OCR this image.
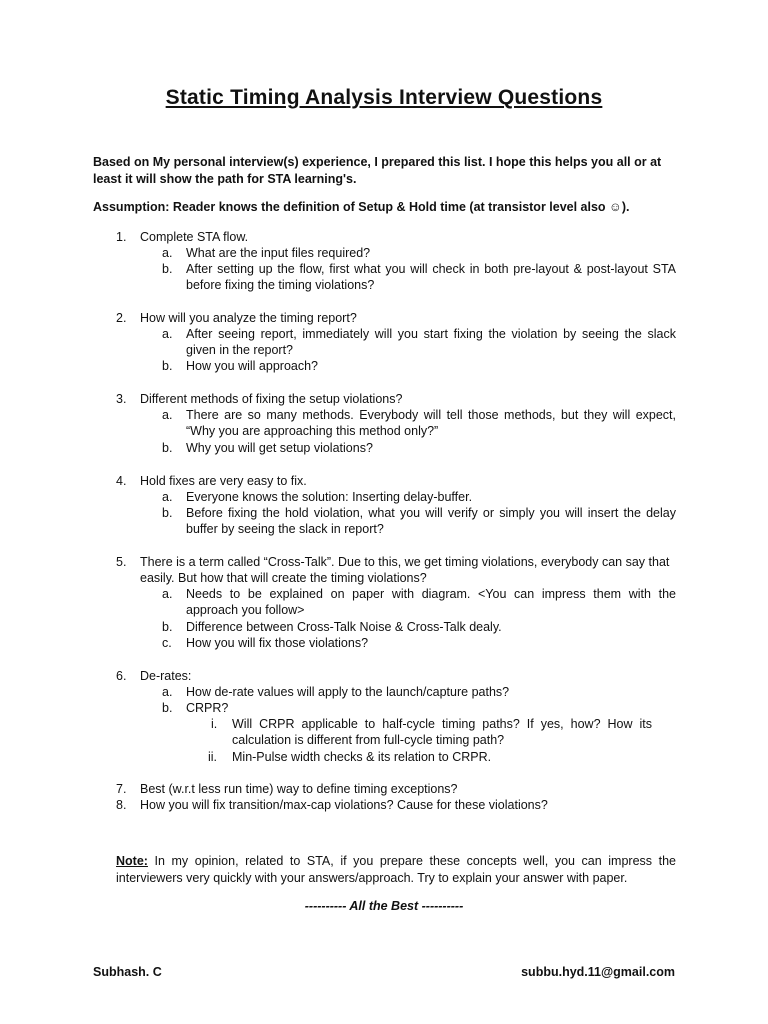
Static Timing Analysis Interview Questions
Based on My personal interview(s) experience, I prepared this list. I hope this helps you all or at least it will show the path for STA learning's.
Assumption: Reader knows the definition of Setup & Hold time (at transistor level also ☺).
1. Complete STA flow.
a. What are the input files required?
b. After setting up the flow, first what you will check in both pre-layout & post-layout STA before fixing the timing violations?
2. How will you analyze the timing report?
a. After seeing report, immediately will you start fixing the violation by seeing the slack given in the report?
b. How you will approach?
3. Different methods of fixing the setup violations?
a. There are so many methods. Everybody will tell those methods, but they will expect, “Why you are approaching this method only?”
b. Why you will get setup violations?
4. Hold fixes are very easy to fix.
a. Everyone knows the solution: Inserting delay-buffer.
b. Before fixing the hold violation, what you will verify or simply you will insert the delay buffer by seeing the slack in report?
5. There is a term called “Cross-Talk”. Due to this, we get timing violations, everybody can say that easily. But how that will create the timing violations?
a. Needs to be explained on paper with diagram. <You can impress them with the approach you follow>
b. Difference between Cross-Talk Noise & Cross-Talk dealy.
c. How you will fix those violations?
6. De-rates:
a. How de-rate values will apply to the launch/capture paths?
b. CRPR?
i. Will CRPR applicable to half-cycle timing paths? If yes, how? How its calculation is different from full-cycle timing path?
ii. Min-Pulse width checks & its relation to CRPR.
7. Best (w.r.t less run time) way to define timing exceptions?
8. How you will fix transition/max-cap violations? Cause for these violations?
Note: In my opinion, related to STA, if you prepare these concepts well, you can impress the interviewers very quickly with your answers/approach. Try to explain your answer with paper.
---------- All the Best ----------
Subhash. C	subbu.hyd.11@gmail.com
